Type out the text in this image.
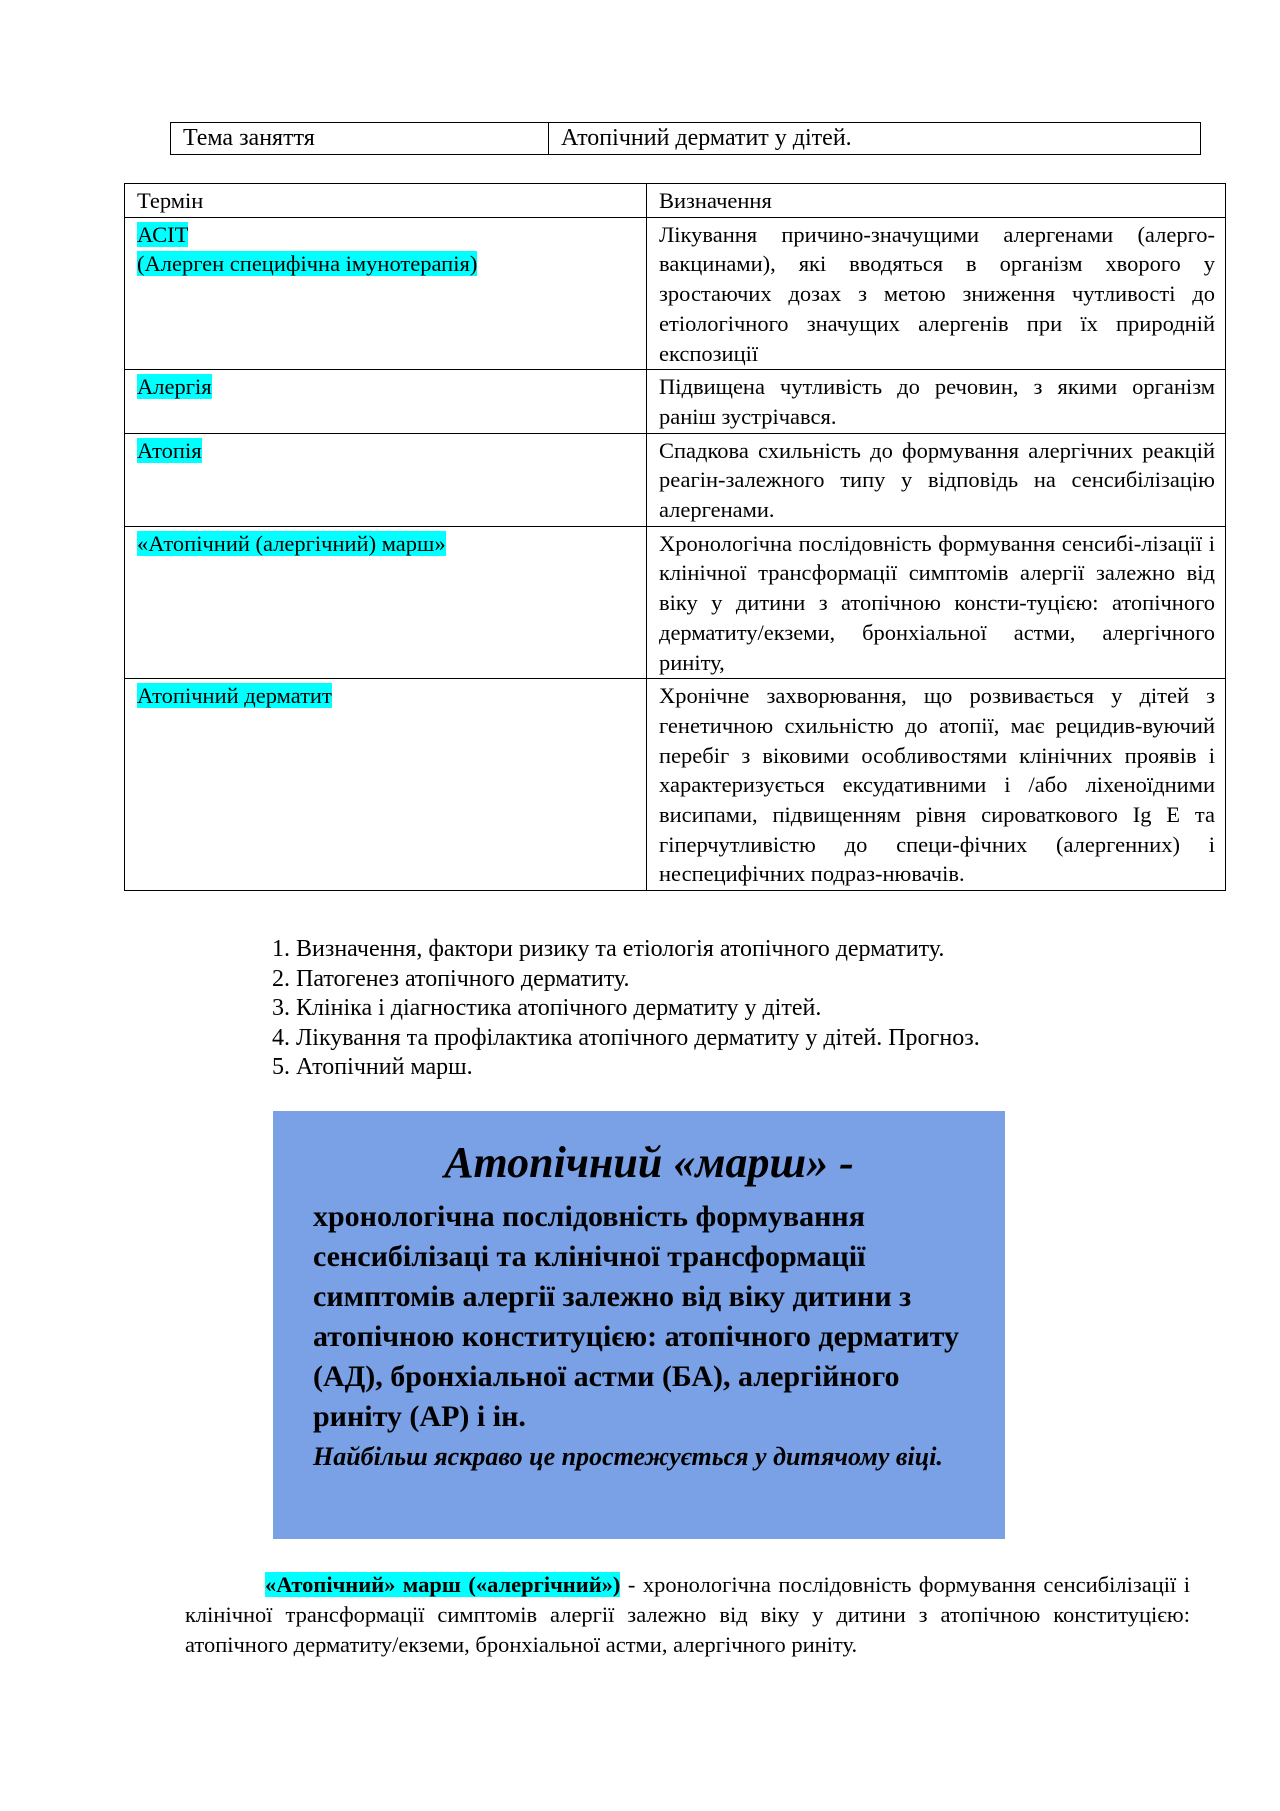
Тема заняття	Атопічний дерматит у дітей.
Термін	Визначення
АСІТ
(Алерген специфічна імунотерапія)	Лікування причино-значущими алергенами (алерго-вакцинами), які вводяться в організм хворого у зростаючих дозах з метою зниження чутливості до етіологічного значущих алергенів при їх природній експозиції
Алергія	Підвищена чутливість до речовин, з якими організм раніш зустрічався.
Атопія	Спадкова схильність до формування алергічних реакцій реагін-залежного типу у відповідь на сенсибілізацію алергенами.
«Атопічний (алергічний) марш»	Хронологічна послідовність формування сенсибі-лізації і клінічної трансформації симптомів алергії залежно від віку у дитини з атопічною консти-туцією: атопічного дерматиту/екземи, бронхіальної астми, алергічного риніту,
Атопічний дерматит	Хронічне захворювання, що розвивається у дітей з генетичною схильністю до атопії, має рецидив-вуючий перебіг з віковими особливостями клінічних проявів і характеризується ексудативними і /або ліхеноїдними висипами, підвищенням рівня сироваткового Ig E та гіперчутливістю до специ-фічних (алергенних) і неспецифічних подраз-нювачів.
1. Визначення, фактори ризику та етіологія атопічного дерматиту.
2. Патогенез атопічного дерматиту.
3. Клініка і діагностика атопічного дерматиту у дітей.
4. Лікування та профілактика атопічного дерматиту у дітей. Прогноз.
5. Атопічний марш.

Атопічний «марш» -

хронологічна послідовність формування сенсибілізаці та клінічної трансформації симптомів алергії залежно від віку дитини з атопічною конституцією: атопічного дерматиту (АД), бронхіальної астми (БА), алергійного риніту (АР) і ін.

Найбільш яскраво це простежується у дитячому віці.

«Атопічний» марш («алергічний») - хронологічна послідовність формування сенсибілізації і клінічної трансформації симптомів алергії залежно від віку у дитини з атопічною конституцією: атопічного дерматиту/екземи, бронхіальної астми, алергічного риніту.
